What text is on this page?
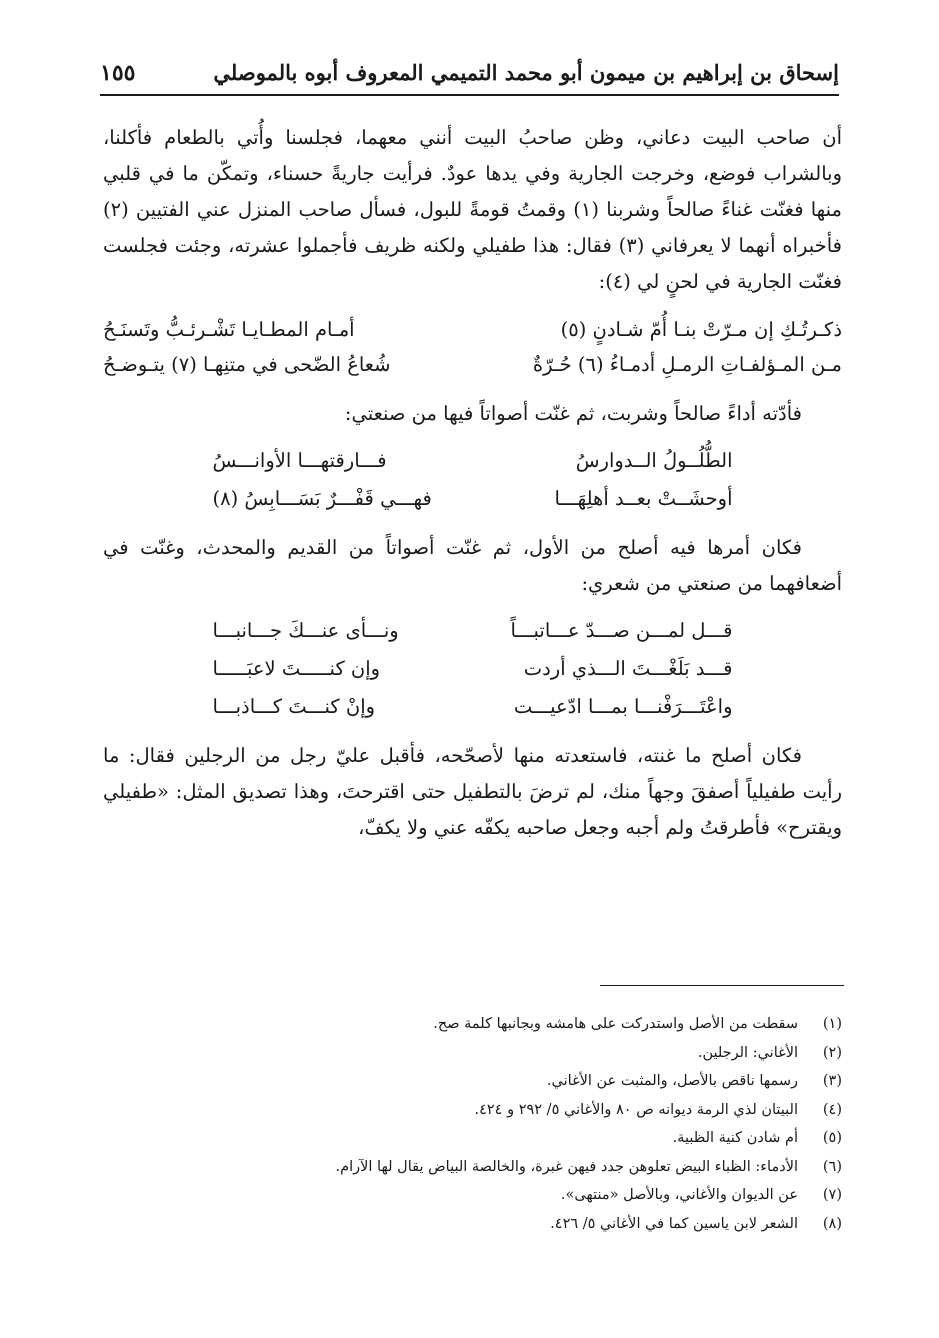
إسحاق بن إبراهيم بن ميمون أبو محمد التميمي المعروف أبوه بالموصلي
١٥٥

أن صاحب البيت دعاني، وظن صاحبُ البيت أنني معهما، فجلسنا وأُتي بالطعام فأكلنا، وبالشراب فوضع، وخرجت الجارية وفي يدها عودٌ. فرأيت جاريةً حسناء، وتمكّن ما في قلبي منها فغنّت غناءً صالحاً وشربنا (١) وقمتُ قومةً للبول، فسأل صاحب المنزل عني الفتيين (٢) فأخبراه أنهما لا يعرفاني (٣) فقال: هذا طفيلي ولكنه ظريف فأجملوا عشرته، وجئت فجلست فغنّت الجارية في لحنٍ لي (٤):

ذكـرتُـكِ إن مـرّتْ بنـا أُمّ شـادنٍ (٥)
أمـام المطـايـا تَشْـرئـبُّ وتَسنَـحُ
مـن المـؤلفـاتِ الرمـلِ أدمـاءُ (٦) حُـرّةٌ
شُعاعُ الضّحى في متنِهـا (٧) يتـوضـحُ

فأدّته أداءً صالحاً وشربت، ثم غنّت أصواتاً فيها من صنعتي:

الطُّلُــولُ الــدوارسُ
فـــارقتهـــا الأوانـــسُ
أوحشَــتْ بعــد أهلِهَـــا
فهـــي قَفْـــرٌ بَسَـــابِسُ (٨)

فكان أمرها فيه أصلح من الأول، ثم غنّت أصواتاً من القديم والمحدث، وغنّت في أضعافهما من صنعتي من شعري:

قـــل لمـــن صـــدّ عـــاتبـــاً
ونـــأى عنـــكَ جـــانبـــا
قـــد بَلَغْـــتَ الـــذي أردت
وإن كنـــــتَ لاعبَـــــا
واعْتَـــرَفْنـــا بمـــا ادّعيـــت
وإنْ كنـــتَ كـــاذبـــا

فكان أصلح ما غنته، فاستعدته منها لأصحّحه، فأقبل عليّ رجل من الرجلين فقال: ما رأيت طفيلياً أصفقَ وجهاً منك، لم ترضَ بالتطفيل حتى اقترحتَ، وهذا تصديق المثل: «طفيلي ويقترح» فأطرقتُ ولم أجبه وجعل صاحبه يكفّه عني ولا يكفّ،

(١)
سقطت من الأصل واستدركت على هامشه وبجانبها كلمة صح.
(٢)
الأغاني: الرجلين.
(٣)
رسمها ناقص بالأصل، والمثبت عن الأغاني.
(٤)
البيتان لذي الرمة ديوانه ص ٨٠ والأغاني ٥/ ٢٩٢ و ٤٢٤.
(٥)
أم شادن كنية الظبية.
(٦)
الأدماء: الظباء البيض تعلوهن جدد فيهن غبرة، والخالصة البياض يقال لها الآرام.
(٧)
عن الديوان والأغاني، وبالأصل «منتهى».
(٨)
الشعر لابن ياسين كما في الأغاني ٥/ ٤٢٦.
